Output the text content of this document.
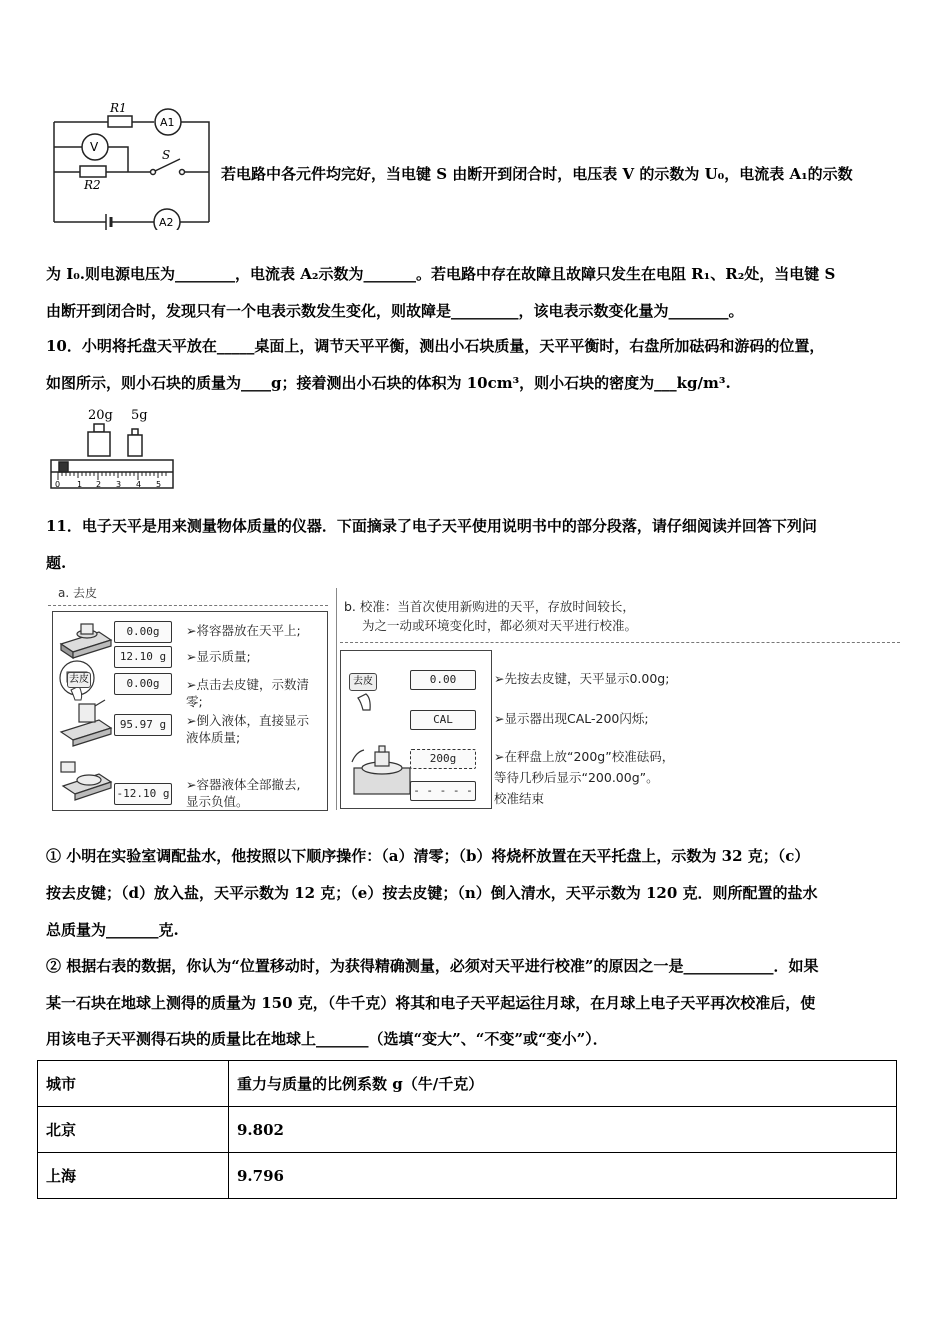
R1
R2
A1
A2
V
S
若电路中各元件均完好，当电键 S 由断开到闭合时，电压表 V 的示数为 U₀，电流表 A₁的示数
为 I₀.则电源电压为________，电流表 A₂示数为_______。若电路中存在故障且故障只发生在电阻 R₁、R₂处，当电键 S
由断开到闭合时，发现只有一个电表示数发生变化，则故障是_________，该电表示数变化量为________。
10．小明将托盘天平放在_____桌面上，调节天平平衡，测出小石块质量，天平平衡时，右盘所加砝码和游码的位置，
如图所示，则小石块的质量为____g；接着测出小石块的体积为 10cm³，则小石块的密度为___kg/m³.
20g 5g
0 1 2 3 4 5
11．电子天平是用来测量物体质量的仪器．下面摘录了电子天平使用说明书中的部分段落，请仔细阅读并回答下列问
题.
a. 去皮
去皮
0.00g
12.10 g
0.00g
95.97 g
-12.10 g
➢将容器放在天平上;
➢显示质量;
➢点击去皮键，示数清
零;
➢倒入液体，直接显示
液体质量;
➢容器液体全部撤去,
显示负值。
b. 校准：当首次使用新购进的天平，存放时间较长，
为之一动或环境变化时，都必须对天平进行校准。
去皮	0.00
CAL
200g
- - - - -
➢先按去皮键，天平显示0.00g;
➢显示器出现CAL-200闪烁;
➢在秤盘上放“200g”校准砝码，
等待几秒后显示“200.00g”。
校准结束
① 小明在实验室调配盐水，他按照以下顺序操作：（a）清零；（b）将烧杯放置在天平托盘上，示数为 32 克；（c）
按去皮键；（d）放入盐，天平示数为 12 克；（e）按去皮键；（n）倒入清水，天平示数为 120 克．则所配置的盐水
总质量为_______克.
② 根据右表的数据，你认为“位置移动时，为获得精确测量，必须对天平进行校准”的原因之一是____________．如果
某一石块在地球上测得的质量为 150 克，（牛千克）将其和电子天平起运往月球，在月球上电子天平再次校准后，使
用该电子天平测得石块的质量比在地球上_______（选填“变大”、“不变”或“变小”）．
城市	重力与质量的比例系数 g（牛/千克）
北京	9.802
上海	9.796
